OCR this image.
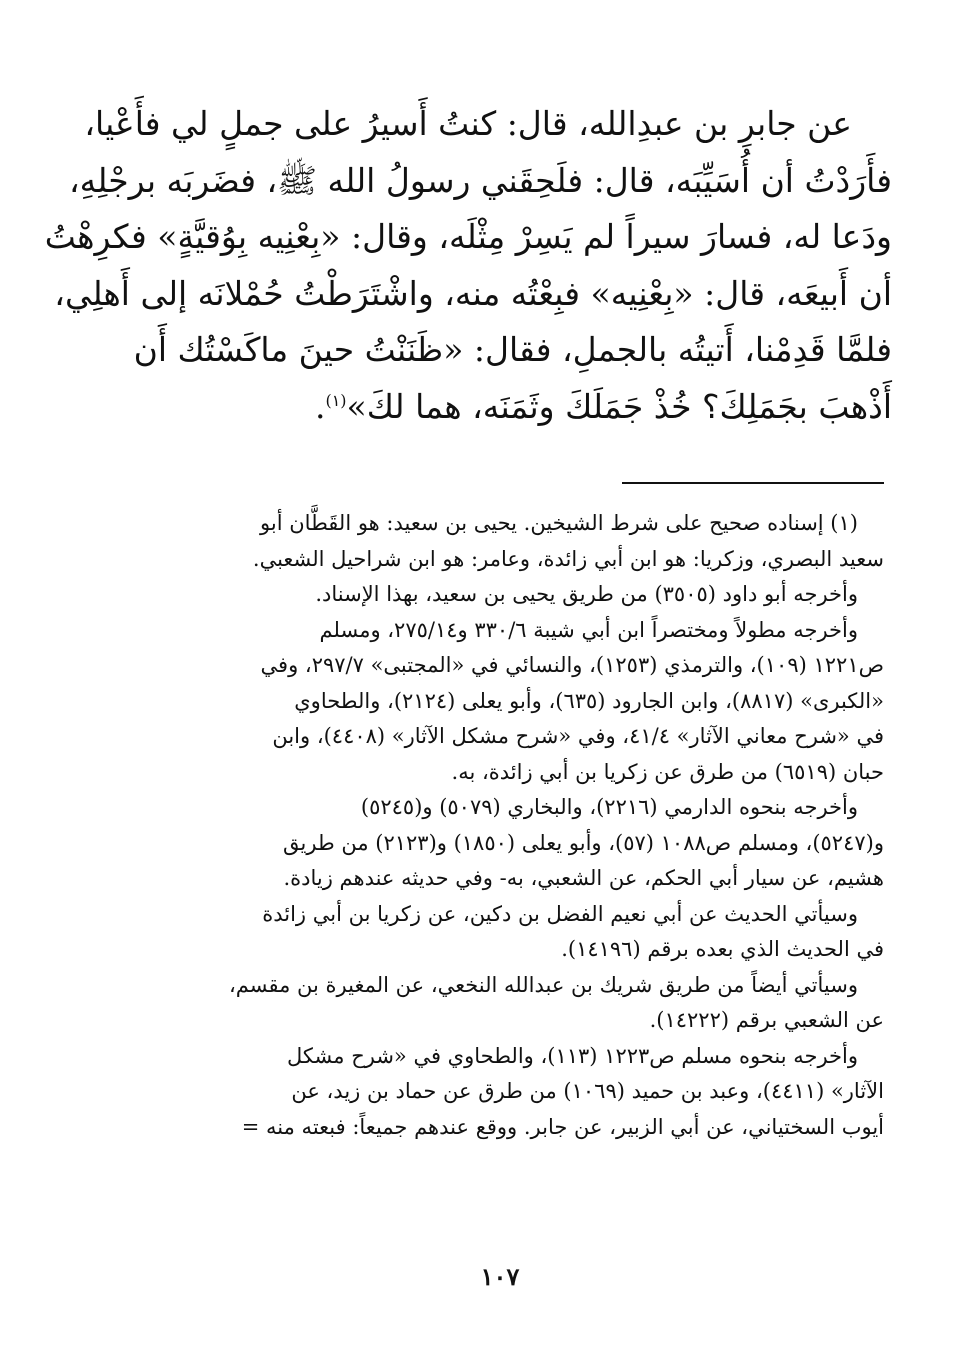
عن جابرِ بن عبدِالله، قال: كنتُ أَسيرُ على جملٍ لي فأَعْيا،
فأَرَدْتُ أن أُسَيِّبَه، قال: فلَحِقَني رسولُ الله ﷺ، فضَربَه برجْلِهِ،
ودَعا له، فسارَ سيراً لم يَسِرْ مِثْلَه، وقال: «بِعْنِيه بِوُقيَّةٍ» فكرِهْتُ
أن أَبيعَه، قال: «بِعْنِيه» فبِعْتُه منه، واشْتَرَطْتُ حُمْلانَه إلى أَهلِي،
فلمَّا قَدِمْنا، أَتيتُه بالجملِ، فقال: «ظَنَنْتُ حينَ ماكَسْتُك أَن
أَذْهبَ بجَمَلِكَ؟ خُذْ جَمَلَكَ وثَمَنَه، هما لكَ»$^{(١)}$.
(١) إسناده صحيح على شرط الشيخين. يحيى بن سعيد: هو القَطَّان أبو
سعيد البصري، وزكريا: هو ابن أبي زائدة، وعامر: هو ابن شراحيل الشعبي.
وأخرجه أبو داود (٣٥٠٥) من طريق يحيى بن سعيد، بهذا الإسناد.
وأخرجه مطولاً ومختصراً ابن أبي شيبة ٣٣٠/٦ و٢٧٥/١٤، ومسلم
ص١٢٢١ (١٠٩)، والترمذي (١٢٥٣)، والنسائي في «المجتبى» ٢٩٧/٧، وفي
«الكبرى» (٨٨١٧)، وابن الجارود (٦٣٥)، وأبو يعلى (٢١٢٤)، والطحاوي
في «شرح معاني الآثار» ٤١/٤، وفي «شرح مشكل الآثار» (٤٤٠٨)، وابن
حبان (٦٥١٩) من طرق عن زكريا بن أبي زائدة، به.
وأخرجه بنحوه الدارمي (٢٢١٦)، والبخاري (٥٠٧٩) و(٥٢٤٥)
و(٥٢٤٧)، ومسلم ص١٠٨٨ (٥٧)، وأبو يعلى (١٨٥٠) و(٢١٢٣) من طريق
هشيم، عن سيار أبي الحكم، عن الشعبي، به- وفي حديثه عندهم زيادة.
وسيأتي الحديث عن أبي نعيم الفضل بن دكين، عن زكريا بن أبي زائدة
في الحديث الذي بعده برقم (١٤١٩٦).
وسيأتي أيضاً من طريق شريك بن عبدالله النخعي، عن المغيرة بن مقسم،
عن الشعبي برقم (١٤٢٢٢).
وأخرجه بنحوه مسلم ص١٢٢٣ (١١٣)، والطحاوي في «شرح مشكل
الآثار» (٤٤١١)، وعبد بن حميد (١٠٦٩) من طرق عن حماد بن زيد، عن
أيوب السختياني، عن أبي الزبير، عن جابر. ووقع عندهم جميعاً: فبعته منه =
١٠٧
